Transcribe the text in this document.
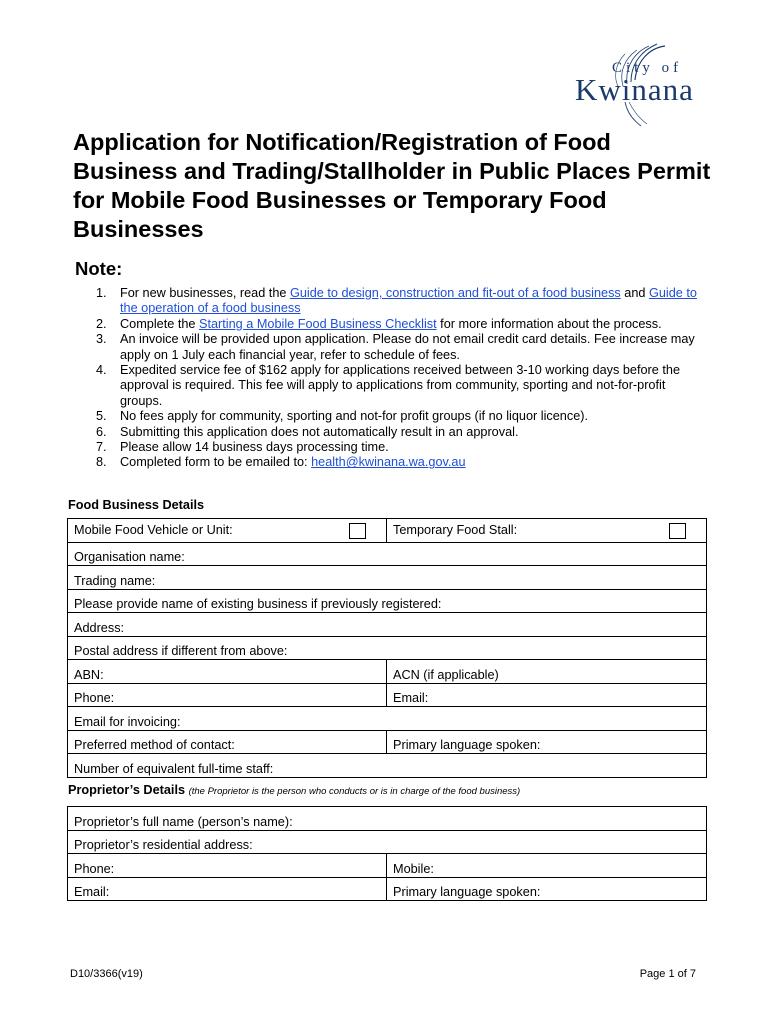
City of
Kwinana
Application for Notification/Registration of Food Business and Trading/Stallholder in Public Places Permit for Mobile Food Businesses or Temporary Food Businesses
Note:
1. For new businesses, read the Guide to design, construction and fit-out of a food business and Guide to the operation of a food business
2. Complete the Starting a Mobile Food Business Checklist for more information about the process.
3. An invoice will be provided upon application. Please do not email credit card details. Fee increase may apply on 1 July each financial year, refer to schedule of fees.
4. Expedited service fee of $162 apply for applications received between 3-10 working days before the approval is required. This fee will apply to applications from community, sporting and not-for-profit groups.
5. No fees apply for community, sporting and not-for profit groups (if no liquor licence).
6. Submitting this application does not automatically result in an approval.
7. Please allow 14 business days processing time.
8. Completed form to be emailed to: health@kwinana.wa.gov.au
Food Business Details
Mobile Food Vehicle or Unit:	Temporary Food Stall:

Organisation name:	
Trading name:	
Please provide name of existing business if previously registered:	
Address:	
Postal address if different from above:	
ABN:	ACN (if applicable)
Phone:	Email:
Email for invoicing:	
Preferred method of contact:	Primary language spoken:
Number of equivalent full-time staff:	
Proprietor’s Details (the Proprietor is the person who conducts or is in charge of the food business)
Proprietor’s full name (person’s name):	
Proprietor’s residential address:	
Phone:	Mobile:
Email:	Primary language spoken:
D10/3366(v19)	Page 1 of 7
